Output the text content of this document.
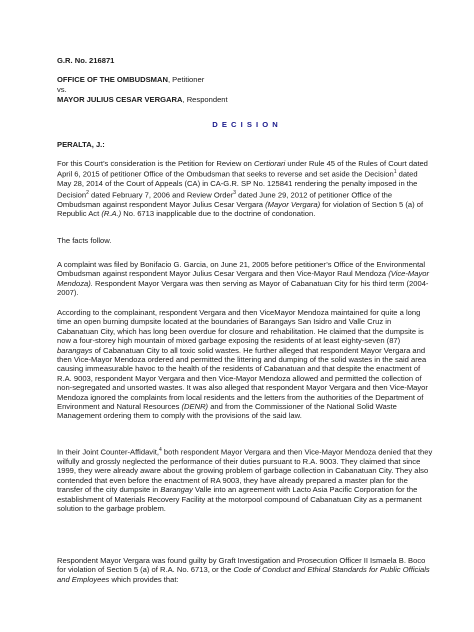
G.R. No. 216871
OFFICE OF THE OMBUDSMAN, Petitioner
vs.
MAYOR JULIUS CESAR VERGARA, Respondent
D E C I S I O N
PERALTA, J.:

For this Court’s consideration is the Petition for Review on Certiorari under Rule 45 of the Rules of Court dated April 6, 2015 of petitioner Office of the Ombudsman that seeks to reverse and set aside the Decision$^1$ dated May 28, 2014 of the Court of Appeals (CA) in CA-G.R. SP No. 125841 rendering the penalty imposed in the Decision$^2$ dated February 7, 2006 and Review Order$^3$ dated June 29, 2012 of petitioner Office of the Ombudsman against respondent Mayor Julius Cesar Vergara (Mayor Vergara) for violation of Section 5 (a) of Republic Act (R.A.) No. 6713 inapplicable due to the doctrine of condonation.

The facts follow.

A complaint was filed by Bonifacio G. Garcia, on June 21, 2005 before petitioner’s Office of the Environmental Ombudsman against respondent Mayor Julius Cesar Vergara and then Vice-Mayor Raul Mendoza (Vice-Mayor Mendoza). Respondent Mayor Vergara was then serving as Mayor of Cabanatuan City for his third term (2004-2007).

According to the complainant, respondent Vergara and then ViceMayor Mendoza maintained for quite a long time an open burning dumpsite located at the boundaries of Barangays San Isidro and Valle Cruz in Cabanatuan City, which has long been overdue for closure and rehabilitation. He claimed that the dumpsite is now a four-storey high mountain of mixed garbage exposing the residents of at least eighty-seven (87) barangays of Cabanatuan City to all toxic solid wastes. He further alleged that respondent Mayor Vergara and then Vice-Mayor Mendoza ordered and permitted the littering and dumping of the solid wastes in the said area causing immeasurable havoc to the health of the residents of Cabanatuan and that despite the enactment of R.A. 9003, respondent Mayor Vergara and then Vice-Mayor Mendoza allowed and permitted the collection of non-segregated and unsorted wastes. It was also alleged that respondent Mayor Vergara and then Vice-Mayor Mendoza ignored the complaints from local residents and the letters from the authorities of the Department of Environment and Natural Resources (DENR) and from the Commissioner of the National Solid Waste Management ordering them to comply with the provisions of the said law.

In their Joint Counter-Affidavit,$^4$ both respondent Mayor Vergara and then Vice-Mayor Mendoza denied that they wilfully and grossly neglected the performance of their duties pursuant to R.A. 9003. They claimed that since 1999, they were already aware about the growing problem of garbage collection in Cabanatuan City. They also contended that even before the enactment of RA 9003, they have already prepared a master plan for the transfer of the city dumpsite in Barangay Valle into an agreement with Lacto Asia Pacific Corporation for the establishment of Materials Recovery Facility at the motorpool compound of Cabanatuan City as a permanent solution to the garbage problem.

Respondent Mayor Vergara was found guilty by Graft Investigation and Prosecution Officer II Ismaela B. Boco for violation of Section 5 (a) of R.A. No. 6713, or the Code of Conduct and Ethical Standards for Public Officials and Employees which provides that:
